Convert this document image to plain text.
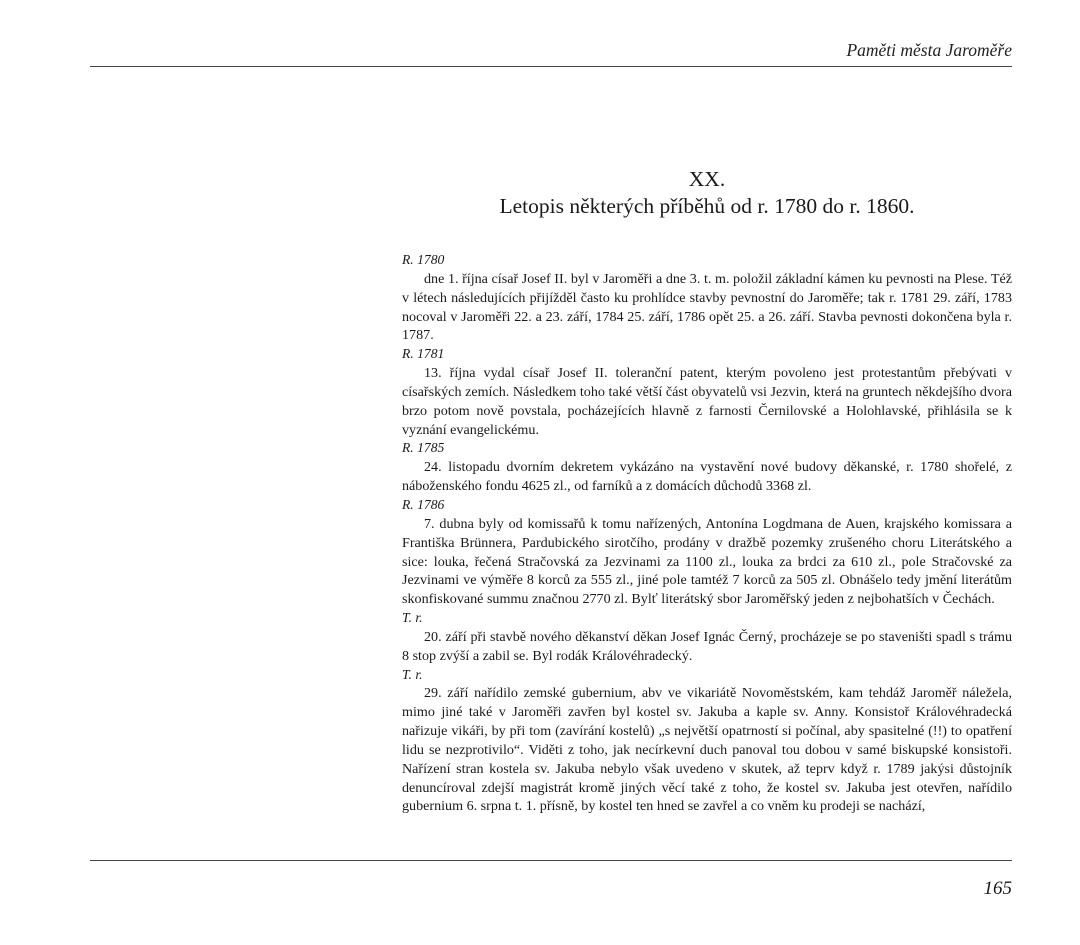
Paměti města Jaroměře
XX.
Letopis některých příběhů od r. 1780 do r. 1860.
R. 1780
dne 1. října císař Josef II. byl v Jaroměři a dne 3. t. m. položil základní kámen ku pevnosti na Plese. Též v létech následujících přijížděl často ku prohlídce stavby pevnostní do Jaroměře; tak r. 1781 29. září, 1783 nocoval v Jaroměři 22. a 23. září, 1784 25. září, 1786 opět 25. a 26. září. Stavba pevnosti dokončena byla r. 1787.
R. 1781
13. října vydal císař Josef II. toleranční patent, kterým povoleno jest protestantům přebývati v císařských zemích. Následkem toho také větší část obyvatelů vsi Jezvin, která na gruntech někdejšího dvora brzo potom nově povstala, pocházejících hlavně z farnosti Černilovské a Holohlavské, přihlásila se k vyznání evangelickému.
R. 1785
24. listopadu dvorním dekretem vykázáno na vystavění nové budovy děkanské, r. 1780 shořelé, z náboženského fondu 4625 zl., od farníků a z domácích důchodů 3368 zl.
R. 1786
7. dubna byly od komissařů k tomu nařízených, Antonína Logdmana de Auen, krajského komissara a Františka Brünnera, Pardubického sirotčího, prodány v dražbě pozemky zrušeného choru Literátského a sice: louka, řečená Stračovská za Jezvinami za 1100 zl., louka za brdci za 610 zl., pole Stračovské za Jezvinami ve výměře 8 korců za 555 zl., jiné pole tamtéž 7 korců za 505 zl. Obnášelo tedy jmění literátům skonfiskované summu značnou 2770 zl. Bylť literátský sbor Jaroměřský jeden z nejbohatších v Čechách.
T. r.
20. září při stavbě nového děkanství děkan Josef Ignác Černý, procházeje se po staveništi spadl s trámu 8 stop zvýší a zabil se. Byl rodák Královéhradecký.
T. r.
29. září nařídilo zemské gubernium, abv ve vikariátě Novoměstském, kam tehdáž Jaroměř náležela, mimo jiné také v Jaroměři zavřen byl kostel sv. Jakuba a kaple sv. Anny. Konsistoř Královéhradecká nařizuje vikáři, by při tom (zavírání kostelů) „s největší opatrností si počínal, aby spasitelné (!!) to opatření lidu se nezprotivilo“. Viděti z toho, jak necírkevní duch panoval tou dobou v samé biskupské konsistoři. Nařízení stran kostela sv. Jakuba nebylo však uvedeno v skutek, až teprv když r. 1789 jakýsi důstojník denuncíroval zdejší magistrát kromě jiných věcí také z toho, že kostel sv. Jakuba jest otevřen, nařídilo gubernium 6. srpna t. 1. přísně, by kostel ten hned se zavřel a co vněm ku prodeji se nachází,
165
